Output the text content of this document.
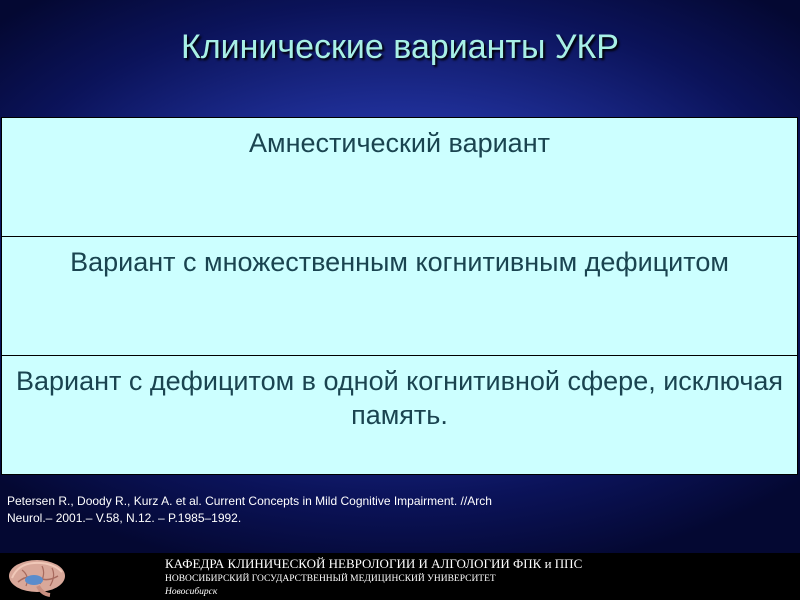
Клинические варианты УКР
Амнестический вариант
Вариант с множественным когнитивным дефицитом
Вариант с дефицитом в одной когнитивной сфере, исключая память.
Petersen R., Doody R., Kurz A. et al. Current Concepts in Mild Cognitive Impairment. //Arch
Neurol.– 2001.– V.58, N.12. – P.1985–1992.
КАФЕДРА КЛИНИЧЕСКОЙ НЕВРОЛОГИИ И АЛГОЛОГИИ ФПК и ППС
НОВОСИБИРСКИЙ ГОСУДАРСТВЕННЫЙ МЕДИЦИНСКИЙ УНИВЕРСИТЕТ
Новосибирск
